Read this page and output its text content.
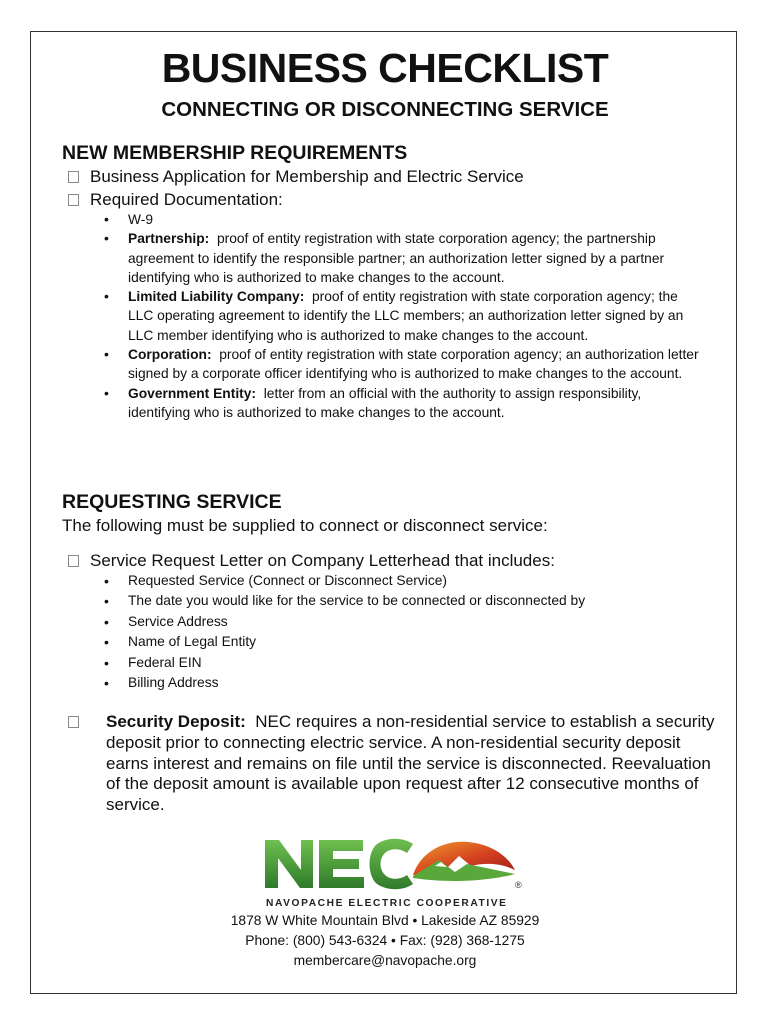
BUSINESS CHECKLIST
CONNECTING OR DISCONNECTING SERVICE
NEW MEMBERSHIP REQUIREMENTS
Business Application for Membership and Electric Service
Required Documentation:
• W-9
• Partnership: proof of entity registration with state corporation agency; the partnership agreement to identify the responsible partner; an authorization letter signed by a partner identifying who is authorized to make changes to the account.
• Limited Liability Company: proof of entity registration with state corporation agency; the LLC operating agreement to identify the LLC members; an authorization letter signed by an LLC member identifying who is authorized to make changes to the account.
• Corporation: proof of entity registration with state corporation agency; an authorization letter signed by a corporate officer identifying who is authorized to make changes to the account.
• Government Entity: letter from an official with the authority to assign responsibility, identifying who is authorized to make changes to the account.
REQUESTING SERVICE
The following must be supplied to connect or disconnect service:
Service Request Letter on Company Letterhead that includes:
• Requested Service (Connect or Disconnect Service)
• The date you would like for the service to be connected or disconnected by
• Service Address
• Name of Legal Entity
• Federal EIN
• Billing Address
Security Deposit: NEC requires a non-residential service to establish a security deposit prior to connecting electric service. A non-residential security deposit earns interest and remains on file until the service is disconnected. Reevaluation of the deposit amount is available upon request after 12 consecutive months of service.
®
NAVOPACHE ELECTRIC COOPERATIVE
1878 W White Mountain Blvd • Lakeside AZ 85929
Phone: (800) 543-6324 • Fax: (928) 368-1275
membercare@navopache.org
